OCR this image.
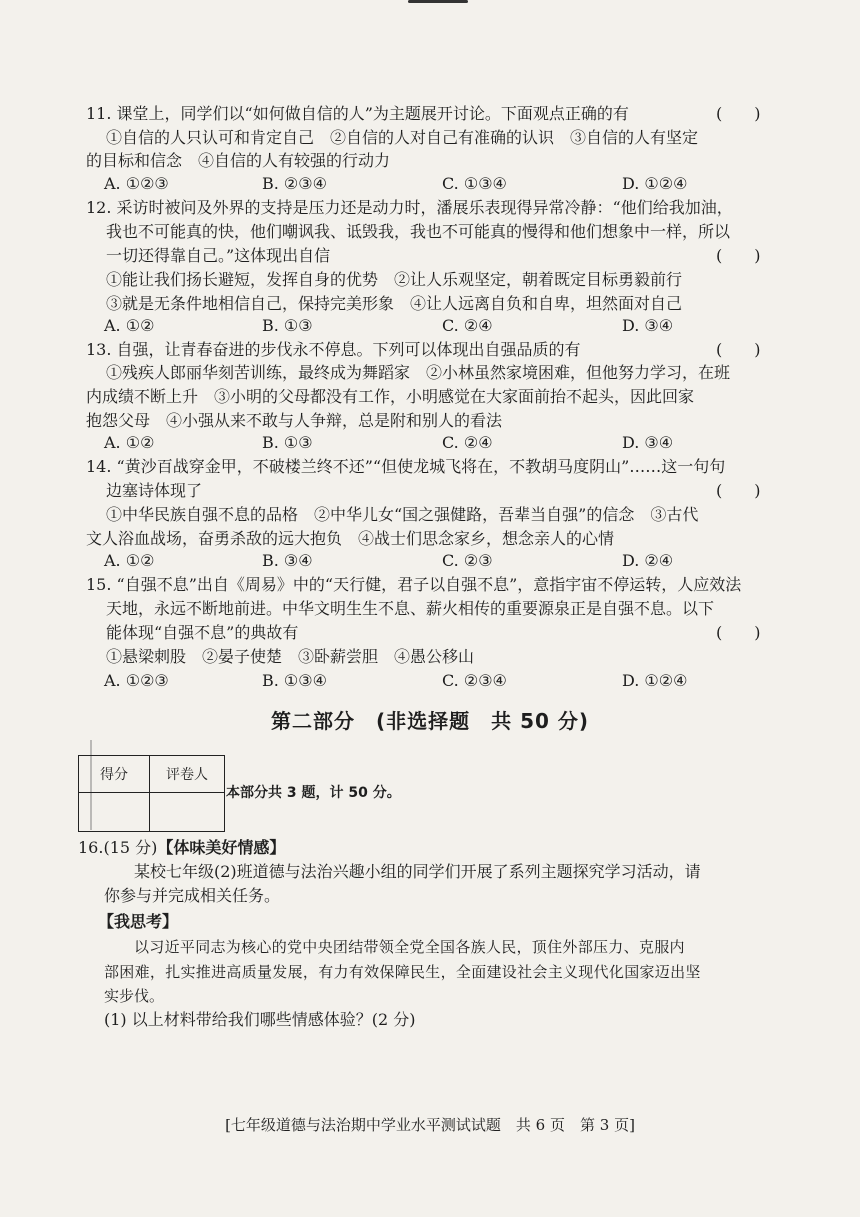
11. 课堂上，同学们以“如何做自信的人”为主题展开讨论。下面观点正确的有	(　　)
①自信的人只认可和肯定自己　②自信的人对自己有准确的认识　③自信的人有坚定
的目标和信念　④自信的人有较强的行动力
A. ①②③	B. ②③④	C. ①③④	D. ①②④
12. 采访时被问及外界的支持是压力还是动力时，潘展乐表现得异常冷静：“他们给我加油，
我也不可能真的快，他们嘲讽我、诋毁我，我也不可能真的慢得和他们想象中一样，所以
一切还得靠自己。”这体现出自信	(　　)
①能让我们扬长避短，发挥自身的优势　②让人乐观坚定，朝着既定目标勇毅前行
③就是无条件地相信自己，保持完美形象　④让人远离自负和自卑，坦然面对自己
A. ①②	B. ①③	C. ②④	D. ③④
13. 自强，让青春奋进的步伐永不停息。下列可以体现出自强品质的有	(　　)
①残疾人郎丽华刻苦训练，最终成为舞蹈家　②小林虽然家境困难，但他努力学习，在班
内成绩不断上升　③小明的父母都没有工作，小明感觉在大家面前抬不起头，因此回家
抱怨父母　④小强从来不敢与人争辩，总是附和别人的看法
A. ①②	B. ①③	C. ②④	D. ③④
14. “黄沙百战穿金甲，不破楼兰终不还”“但使龙城飞将在，不教胡马度阴山”……这一句句
边塞诗体现了	(　　)
①中华民族自强不息的品格　②中华儿女“国之强健路，吾辈当自强”的信念　③古代
文人浴血战场，奋勇杀敌的远大抱负　④战士们思念家乡，想念亲人的心情
A. ①②	B. ③④	C. ②③	D. ②④
15. “自强不息”出自《周易》中的“天行健，君子以自强不息”，意指宇宙不停运转，人应效法
天地，永远不断地前进。中华文明生生不息、薪火相传的重要源泉正是自强不息。以下
能体现“自强不息”的典故有	(　　)
①悬梁刺股　②晏子使楚　③卧薪尝胆　④愚公移山
A. ①②③	B. ①③④	C. ②③④	D. ①②④
第二部分　(非选择题　共 50 分)
得分	评卷人

本部分共 3 题，计 50 分。
16.(15 分)【体味美好情感】
某校七年级(2)班道德与法治兴趣小组的同学们开展了系列主题探究学习活动，请
你参与并完成相关任务。
【我思考】
以习近平同志为核心的党中央团结带领全党全国各族人民，顶住外部压力、克服内
部困难，扎实推进高质量发展，有力有效保障民生，全面建设社会主义现代化国家迈出坚
实步伐。
(1) 以上材料带给我们哪些情感体验？(2 分)
[七年级道德与法治期中学业水平测试试题　共 6 页　第 3 页]
